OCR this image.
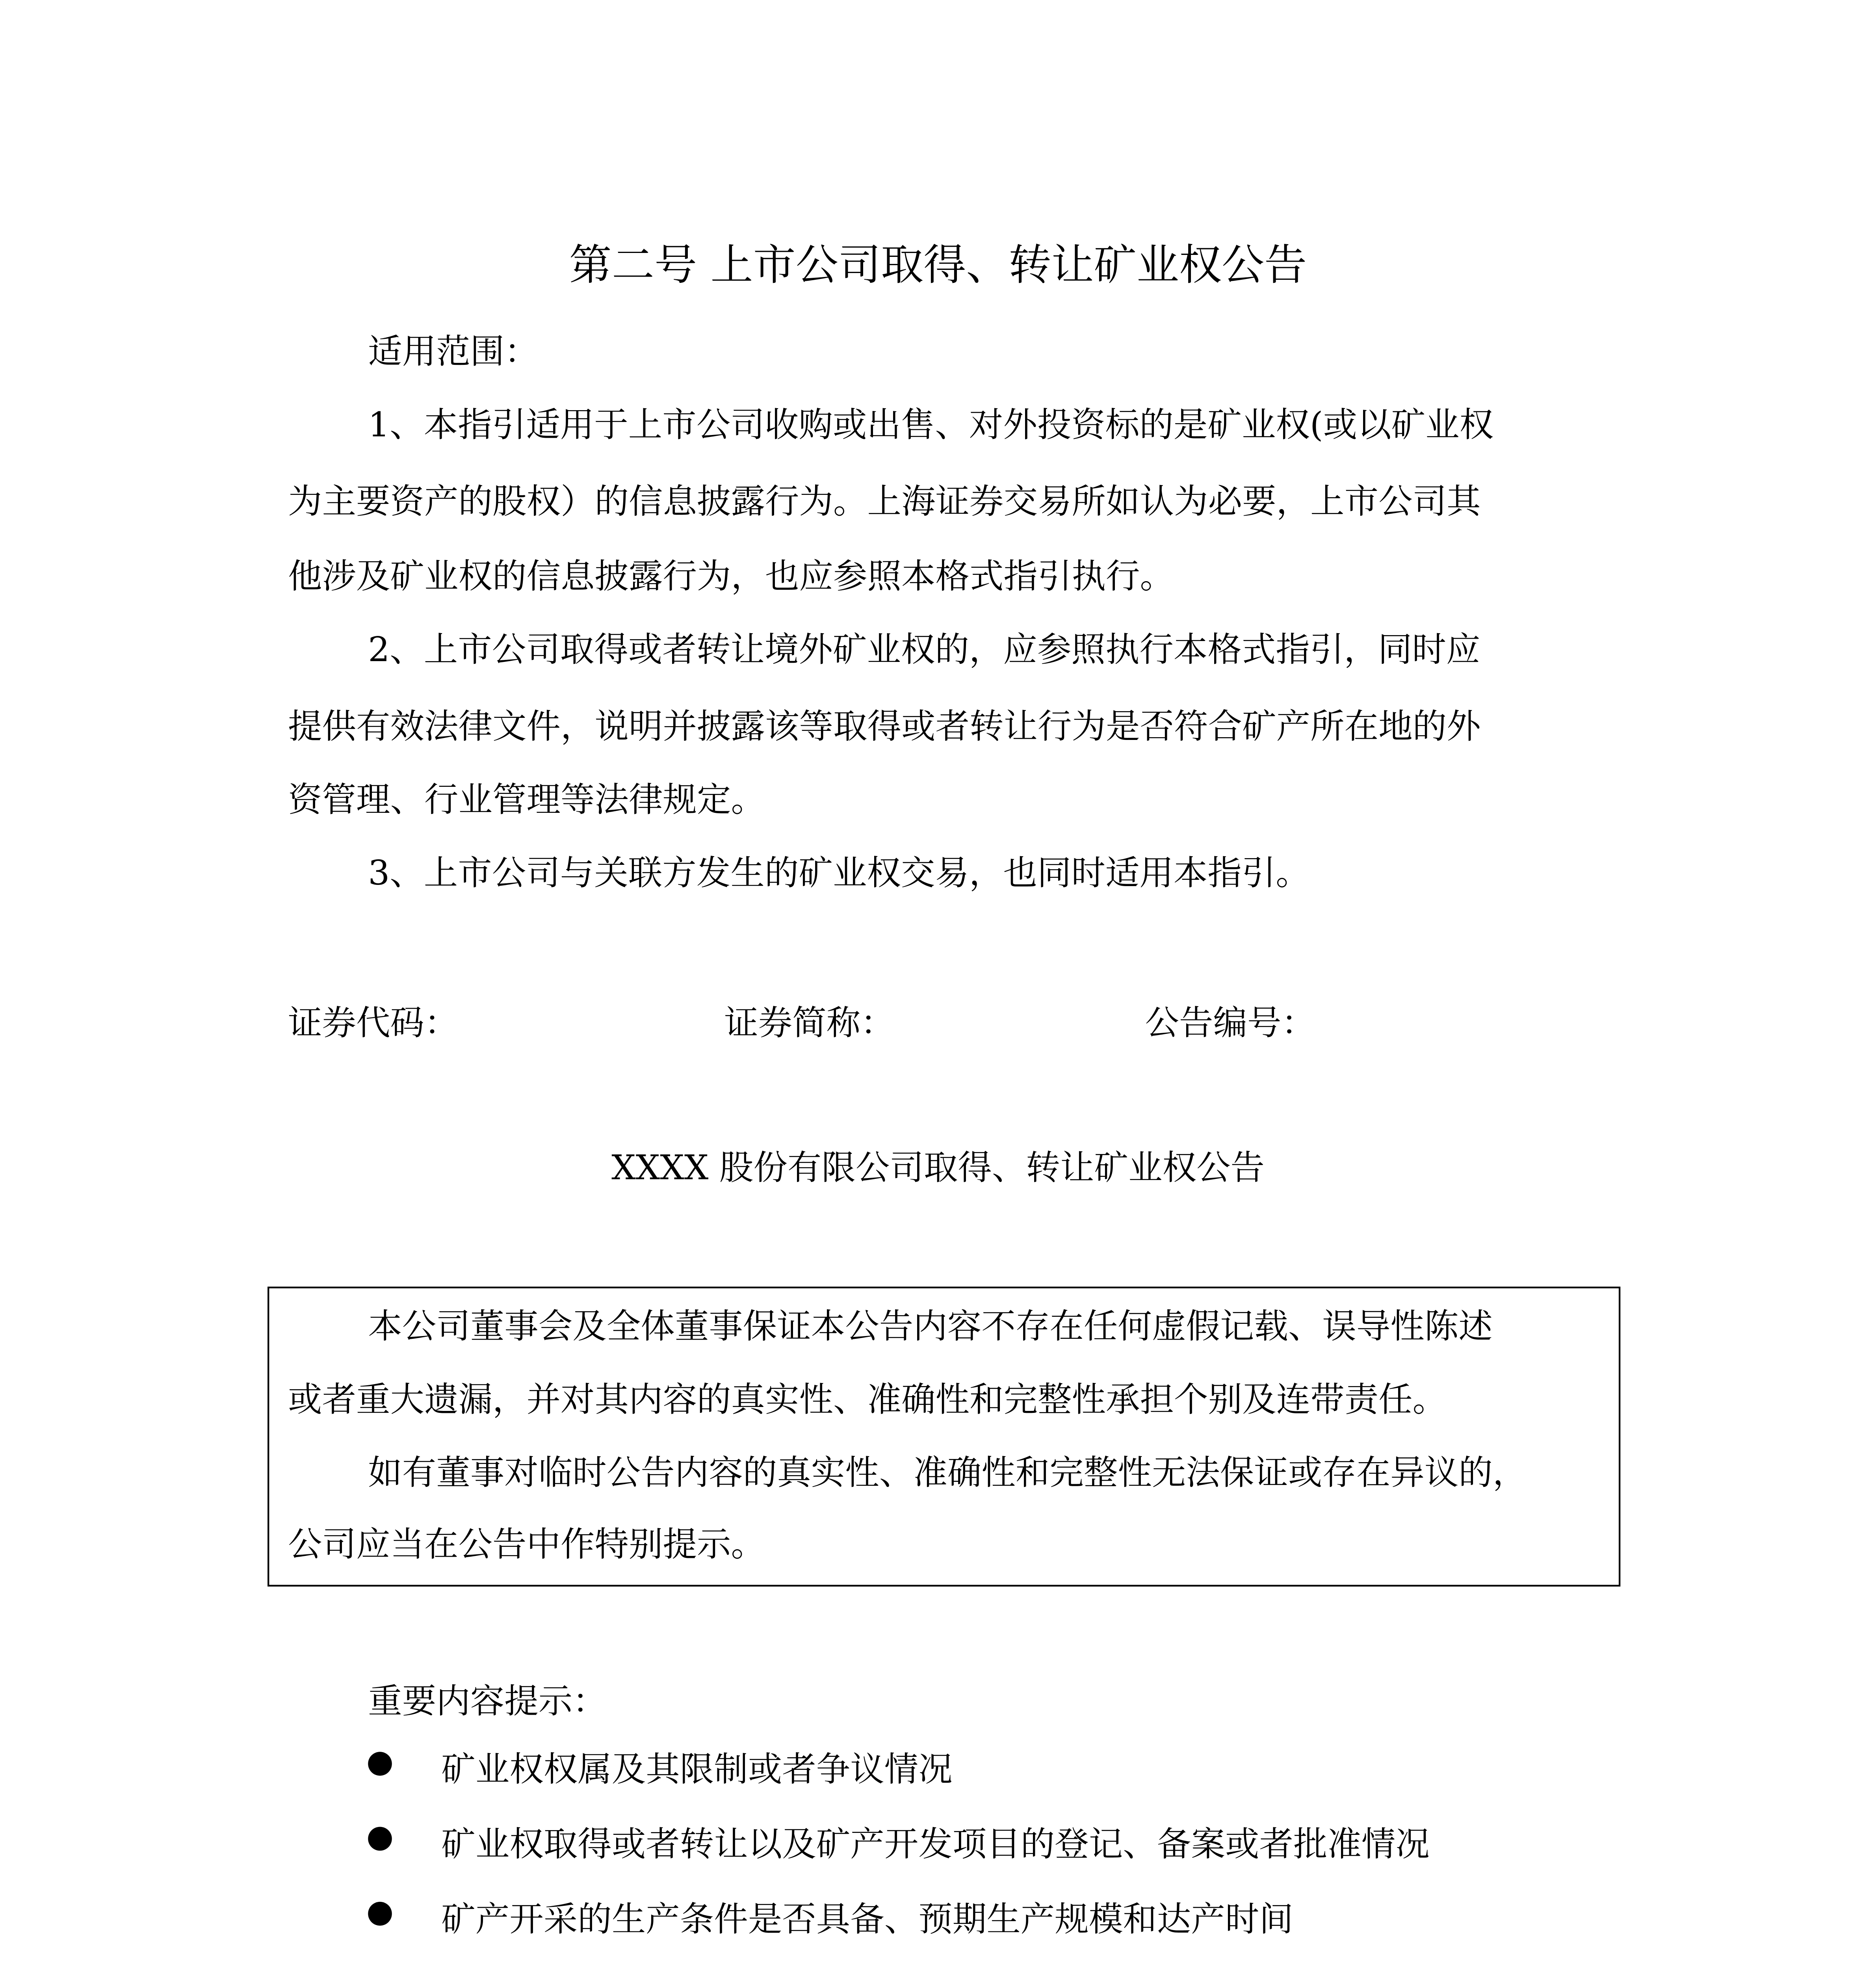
第二号 上市公司取得、转让矿业权公告
适用范围：
1、本指引适用于上市公司收购或出售、对外投资标的是矿业权(或以矿业权
为主要资产的股权）的信息披露行为。上海证券交易所如认为必要，上市公司其
他涉及矿业权的信息披露行为，也应参照本格式指引执行。
2、上市公司取得或者转让境外矿业权的，应参照执行本格式指引，同时应
提供有效法律文件，说明并披露该等取得或者转让行为是否符合矿产所在地的外
资管理、行业管理等法律规定。
3、上市公司与关联方发生的矿业权交易，也同时适用本指引。
证券代码：	证券简称：	公告编号：
XXXX 股份有限公司取得、转让矿业权公告
本公司董事会及全体董事保证本公告内容不存在任何虚假记载、误导性陈述
或者重大遗漏，并对其内容的真实性、准确性和完整性承担个别及连带责任。
如有董事对临时公告内容的真实性、准确性和完整性无法保证或存在异议的，
公司应当在公告中作特别提示。
重要内容提示：
矿业权权属及其限制或者争议情况
矿业权取得或者转让以及矿产开发项目的登记、备案或者批准情况
矿产开采的生产条件是否具备、预期生产规模和达产时间
